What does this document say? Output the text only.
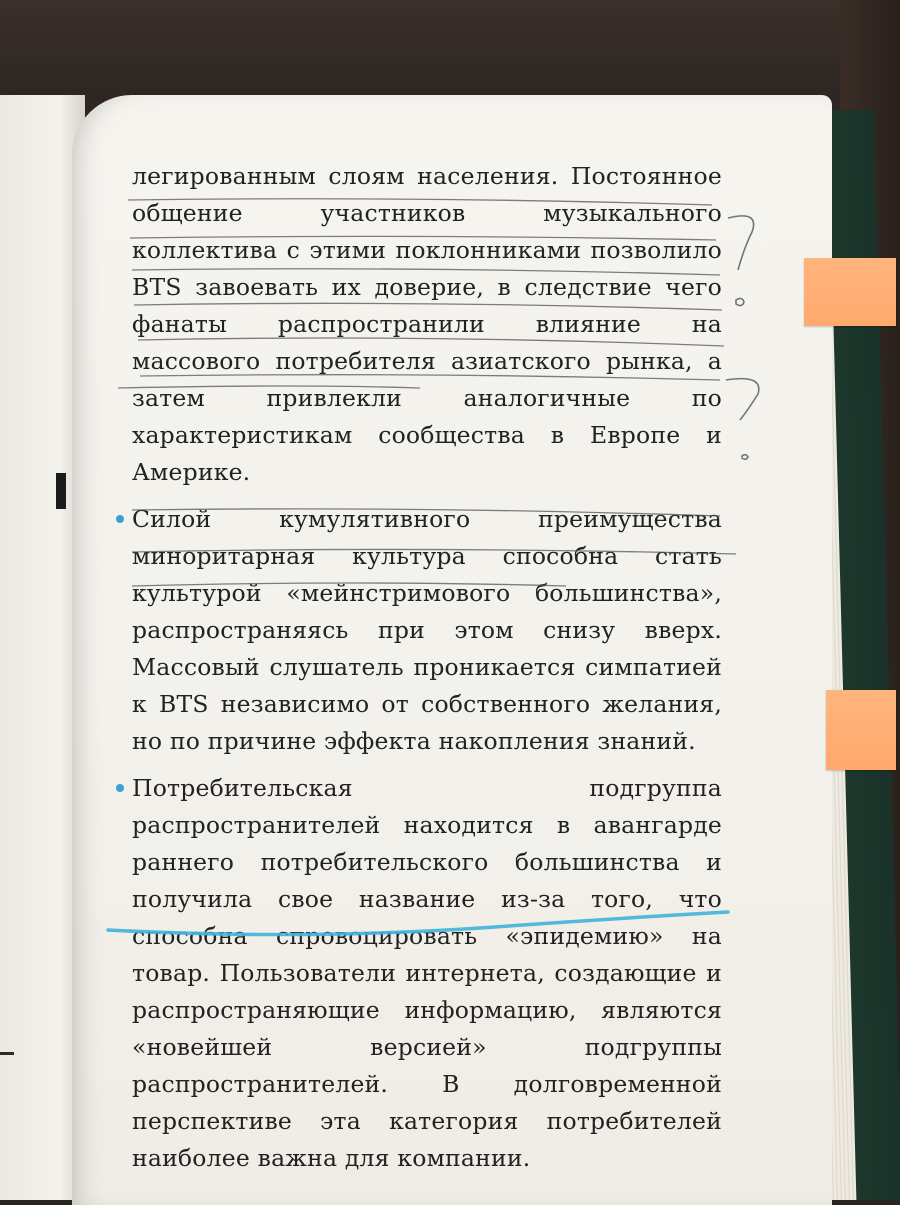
легированным слоям населения. Постоянное общение участников музыкального коллектива с этими поклонниками позволило BTS завоевать их доверие, в следствие чего фанаты распространили влияние на массового потребителя азиатского рынка, а затем привлекли аналогичные по характеристикам сообщества в Европе и Америке.

Силой кумулятивного преимущества миноритарная культура способна стать культурой «мейнстримового большинства», распространяясь при этом снизу вверх. Массовый слушатель проникается симпатией к BTS независимо от собственного желания, но по причине эффекта накопления знаний.
Потребительская подгруппа распространителей находится в авангарде раннего потребительского большинства и получила свое название из-за того, что способна спровоцировать «эпидемию» на товар. Пользователи интернета, создающие и распространяющие информацию, являются «новейшей версией» подгруппы распространителей. В долговременной перспективе эта категория потребителей наиболее важна для компании.
